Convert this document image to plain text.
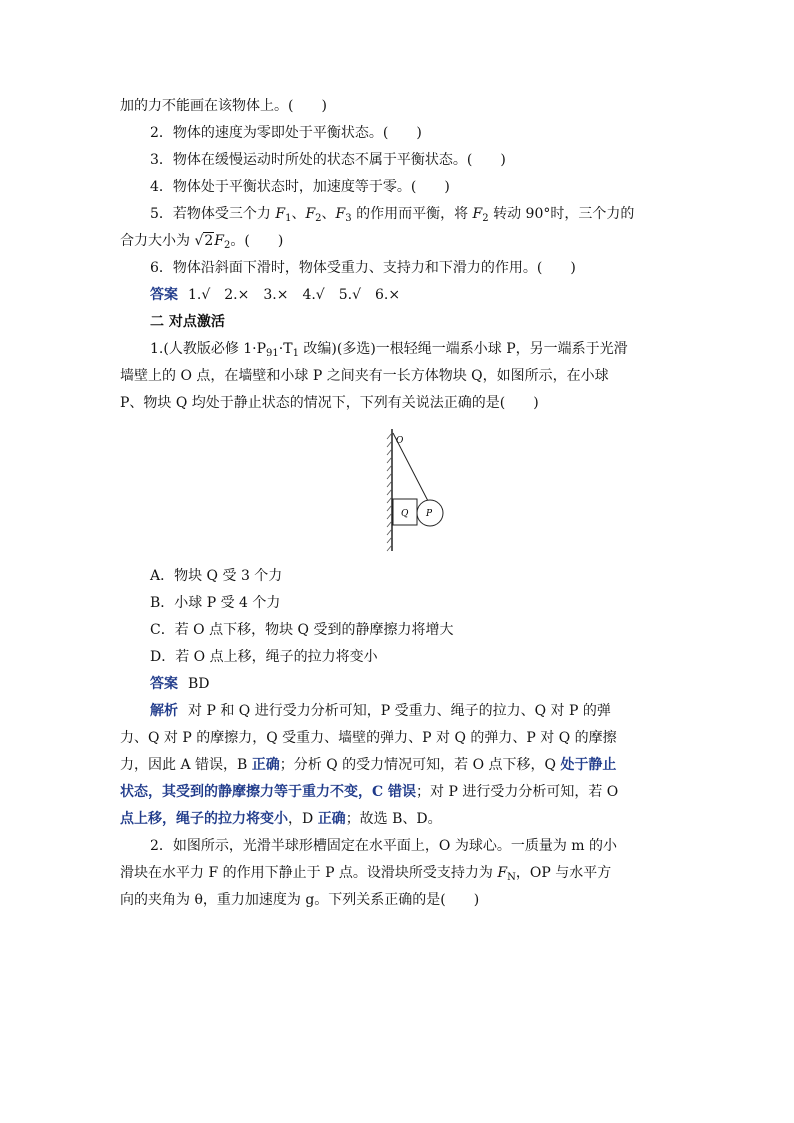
加的力不能画在该物体上。(　　)
2．物体的速度为零即处于平衡状态。(　　)
3．物体在缓慢运动时所处的状态不属于平衡状态。(　　)
4．物体处于平衡状态时，加速度等于零。(　　)
5．若物体受三个力 $F_1$、$F_2$、$F_3$ 的作用而平衡，将 $F_2$ 转动 90°时，三个力的
合力大小为 $√2F_2$。(　　)
6．物体沿斜面下滑时，物体受重力、支持力和下滑力的作用。(　　)
答案 1.√　2.×　3.×　4.√　5.√　6.×
二 对点激活
1.(人教版必修 $1\cdot P_{91}\cdot T_1$ 改编)(多选)一根轻绳一端系小球 P，另一端系于光滑
墙壁上的 O 点，在墙壁和小球 P 之间夹有一长方体物块 Q，如图所示，在小球
P、物块 Q 均处于静止状态的情况下，下列有关说法正确的是(　　)
O
Q P
A．物块 Q 受 3 个力
B．小球 P 受 4 个力
C．若 O 点下移，物块 Q 受到的静摩擦力将增大
D．若 O 点上移，绳子的拉力将变小
答案 BD
解析 对 P 和 Q 进行受力分析可知，P 受重力、绳子的拉力、Q 对 P 的弹
力、Q 对 P 的摩擦力，Q 受重力、墙壁的弹力、P 对 Q 的弹力、P 对 Q 的摩擦
力，因此 A 错误，B 正确；分析 Q 的受力情况可知，若 O 点下移，Q 处于静止
状态，其受到的静摩擦力等于重力不变，C 错误；对 P 进行受力分析可知，若 O
点上移，绳子的拉力将变小，D 正确；故选 B、D。
2．如图所示，光滑半球形槽固定在水平面上，O 为球心。一质量为 m 的小
滑块在水平力 F 的作用下静止于 P 点。设滑块所受支持力为 $F_N$，OP 与水平方
向的夹角为 θ，重力加速度为 g。下列关系正确的是(　　)
